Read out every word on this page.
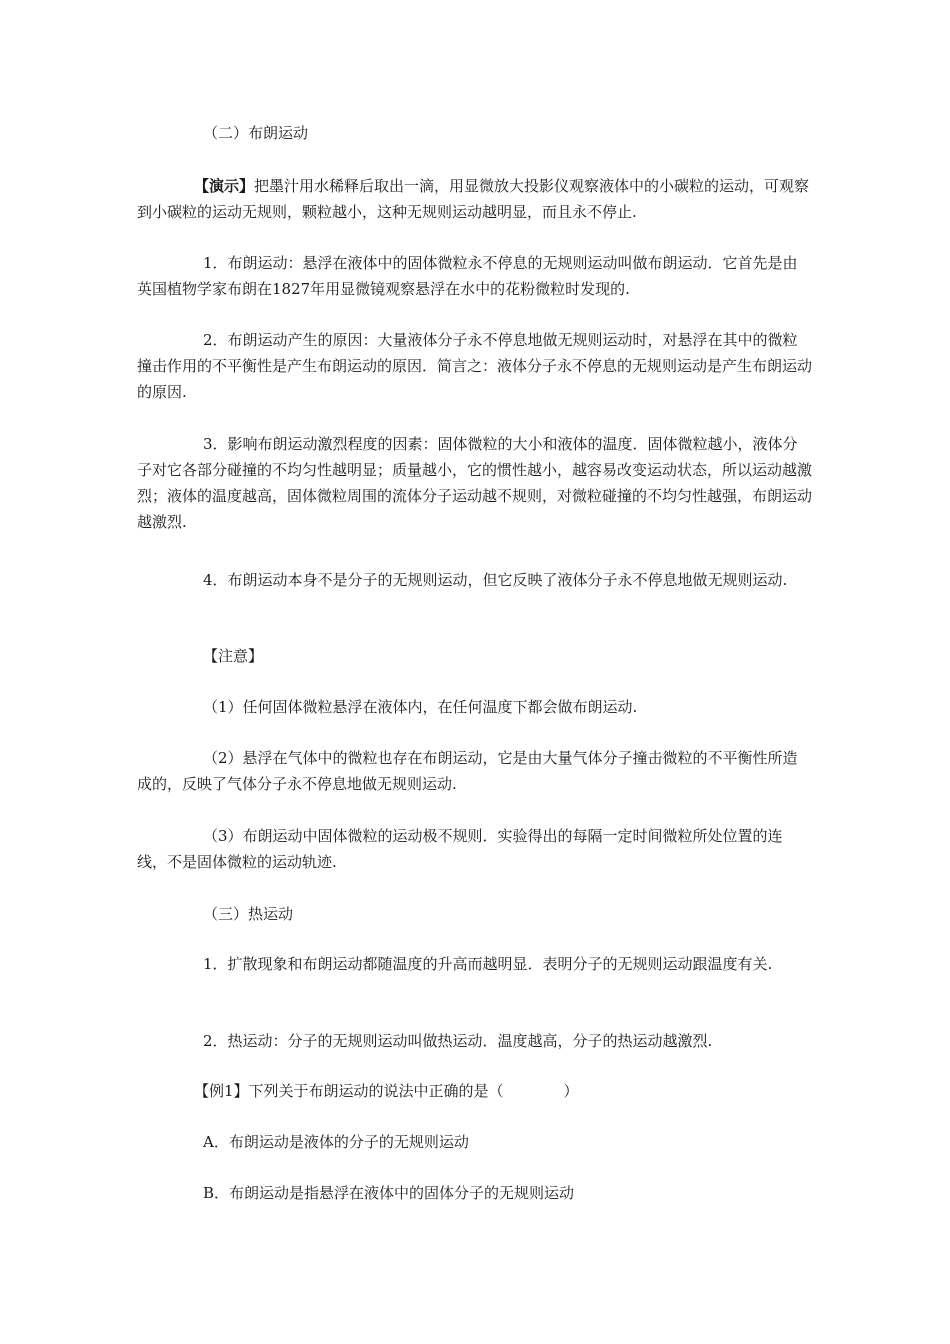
（二）布朗运动

【演示】把墨汁用水稀释后取出一滴，用显微放大投影仪观察液体中的小碳粒的运动，可观察到小碳粒的运动无规则，颗粒越小，这种无规则运动越明显，而且永不停止.

1．布朗运动：悬浮在液体中的固体微粒永不停息的无规则运动叫做布朗运动．它首先是由英国植物学家布朗在1827年用显微镜观察悬浮在水中的花粉微粒时发现的.

2．布朗运动产生的原因：大量液体分子永不停息地做无规则运动时，对悬浮在其中的微粒撞击作用的不平衡性是产生布朗运动的原因．简言之：液体分子永不停息的无规则运动是产生布朗运动的原因.

3．影响布朗运动激烈程度的因素：固体微粒的大小和液体的温度．固体微粒越小，液体分子对它各部分碰撞的不均匀性越明显；质量越小，它的惯性越小，越容易改变运动状态，所以运动越激烈；液体的温度越高，固体微粒周围的流体分子运动越不规则，对微粒碰撞的不均匀性越强，布朗运动越激烈.

4．布朗运动本身不是分子的无规则运动，但它反映了液体分子永不停息地做无规则运动.

【注意】

（1）任何固体微粒悬浮在液体内，在任何温度下都会做布朗运动.

（2）悬浮在气体中的微粒也存在布朗运动，它是由大量气体分子撞击微粒的不平衡性所造成的，反映了气体分子永不停息地做无规则运动.

（3）布朗运动中固体微粒的运动极不规则．实验得出的每隔一定时间微粒所处位置的连线，不是固体微粒的运动轨迹.

（三）热运动

1．扩散现象和布朗运动都随温度的升高而越明显．表明分子的无规则运动跟温度有关.

2．热运动：分子的无规则运动叫做热运动．温度越高，分子的热运动越激烈.

【例1】下列关于布朗运动的说法中正确的是（　　　　）

A．布朗运动是液体的分子的无规则运动

B．布朗运动是指悬浮在液体中的固体分子的无规则运动
